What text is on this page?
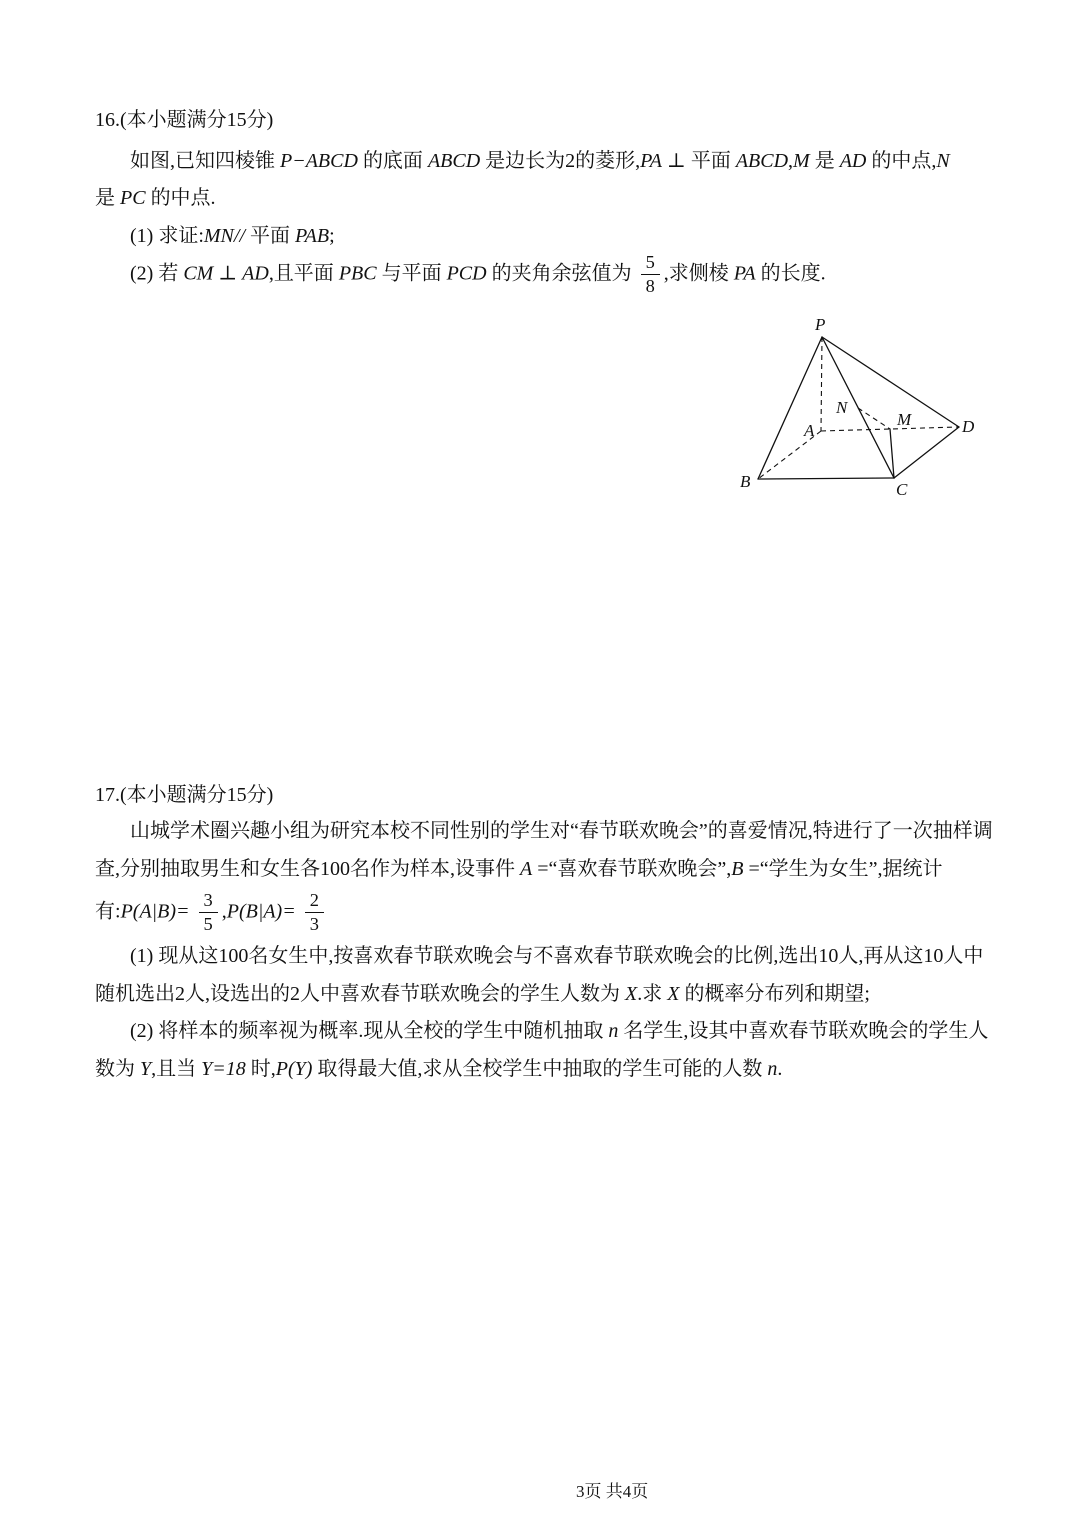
16.(本小题满分15分)
如图,已知四棱锥 P−ABCD 的底面 ABCD 是边长为2的菱形,PA ⊥ 平面 ABCD,M 是 AD 的中点,N
是 PC 的中点.
(1) 求证:MN// 平面 PAB;
(2) 若 CM ⊥ AD,且平面 PBC 与平面 PCD 的夹角余弦值为 $\frac{5}{8}$ ,求侧棱 PA 的长度.
P
A
B	C
D
M
N
17.(本小题满分15分)
山城学术圈兴趣小组为研究本校不同性别的学生对“春节联欢晚会”的喜爱情况,特进行了一次抽样调
查,分别抽取男生和女生各100名作为样本,设事件 A =“喜欢春节联欢晚会”,B =“学生为女生”,据统计
有:P(A|B)= $\frac{3}{5} ,P(B|A)= \frac{2}{3}$
(1) 现从这100名女生中,按喜欢春节联欢晚会与不喜欢春节联欢晚会的比例,选出10人,再从这10人中
随机选出2人,设选出的2人中喜欢春节联欢晚会的学生人数为 X.求 X 的概率分布列和期望;
(2) 将样本的频率视为概率.现从全校的学生中随机抽取 n 名学生,设其中喜欢春节联欢晚会的学生人
数为 Y,且当 Y=18 时,P(Y) 取得最大值,求从全校学生中抽取的学生可能的人数 n.
3页 共4页
